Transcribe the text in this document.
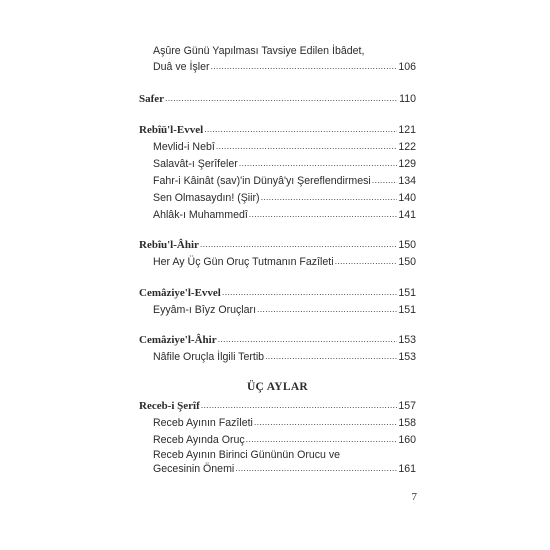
Aşûre Günü Yapılması Tavsiye Edilen İbâdet,
Duâ ve İşler .....	106
Safer .....	110
Rebîü'l-Evvel .....	121
Mevlid-i Nebî .....	122
Salavât-ı Şerîfeler .....	129
Fahr-i Kâinât (sav)'in Dünyâ'yı Şereflendirmesi .....	134
Sen Olmasaydın! (Şiir) .....	140
Ahlâk-ı Muhammedî .....	141
Rebîu'l-Âhir .....	150
Her Ay Üç Gün Oruç Tutmanın Fazîleti .....	150
Cemâziye'l-Evvel .....	151
Eyyâm-ı Bîyz Oruçları .....	151
Cemâziye'l-Âhir .....	153
Nâfile Oruçla İlgili Tertib .....	153
ÜÇ AYLAR
Receb-i Şerîf .....	157
Receb Ayının Fazîleti .....	158
Receb Ayında Oruç .....	160
Receb Ayının Birinci Gününün Orucu ve
Gecesinin Önemi .....	161
7
